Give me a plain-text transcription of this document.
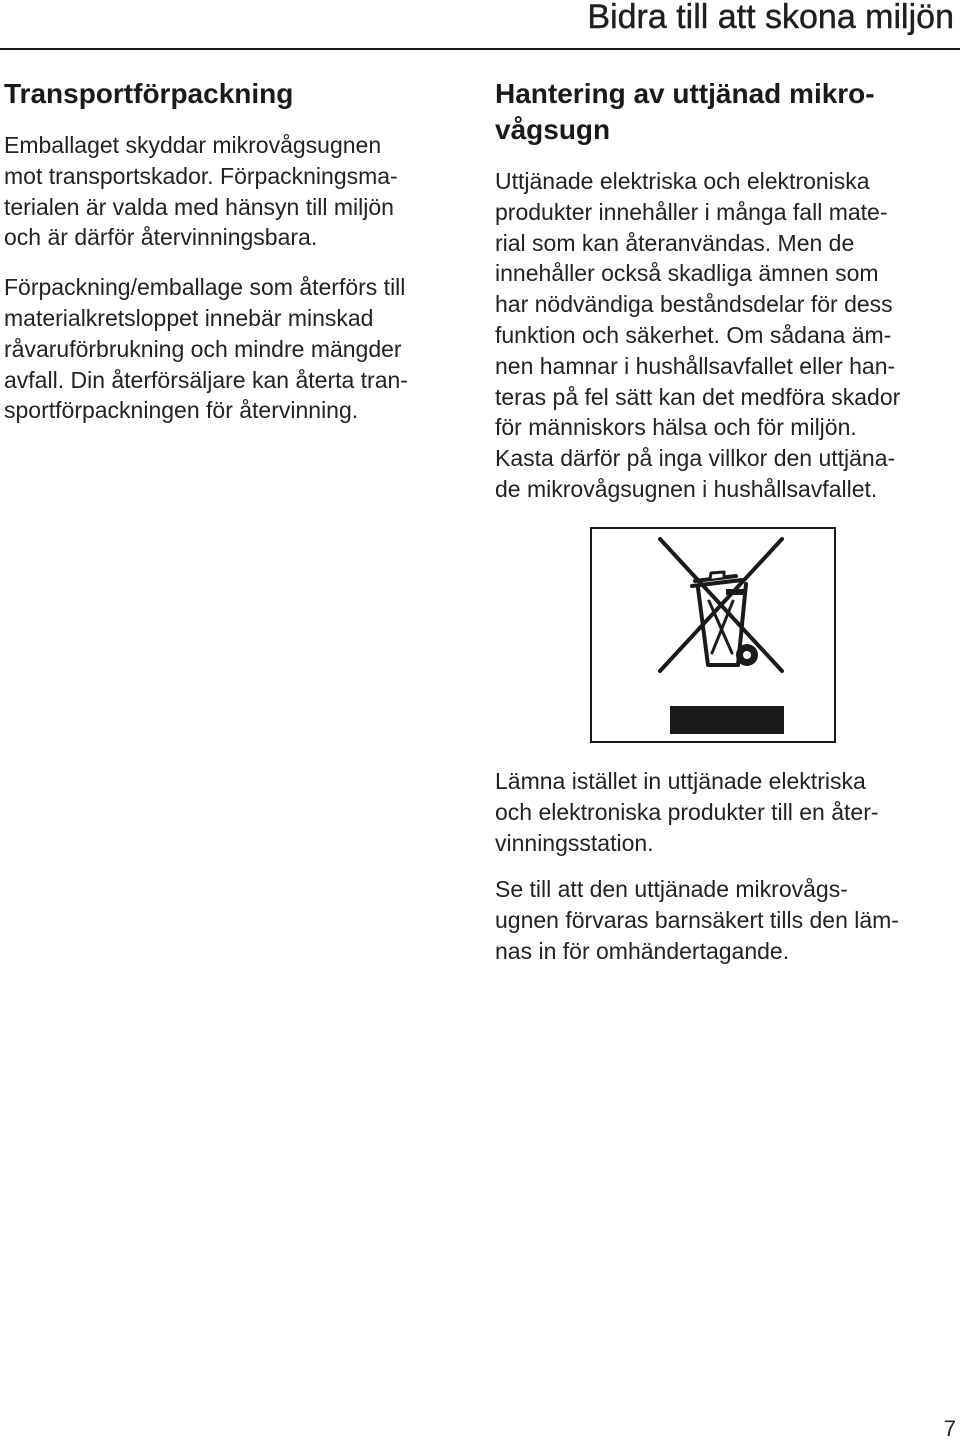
Bidra till att skona miljön
Transportförpackning

Emballaget skyddar mikrovågsugnen
mot transportskador. Förpackningsma-
terialen är valda med hänsyn till miljön
och är därför återvinningsbara.

Förpackning/emballage som återförs till
materialkretsloppet innebär minskad
råvaruförbrukning och mindre mängder
avfall. Din återförsäljare kan återta tran-
sportförpackningen för återvinning.

Hantering av uttjänad mikro-
vågsugn

Uttjänade elektriska och elektroniska
produkter innehåller i många fall mate-
rial som kan återanvändas. Men de
innehåller också skadliga ämnen som
har nödvändiga beståndsdelar för dess
funktion och säkerhet. Om sådana äm-
nen hamnar i hushållsavfallet eller han-
teras på fel sätt kan det medföra skador
för människors hälsa och för miljön.
Kasta därför på inga villkor den uttjäna-
de mikrovågsugnen i hushållsavfallet.

Lämna istället in uttjänade elektriska
och elektroniska produkter till en åter-
vinningsstation.

Se till att den uttjänade mikrovågs-
ugnen förvaras barnsäkert tills den läm-
nas in för omhändertagande.

7
